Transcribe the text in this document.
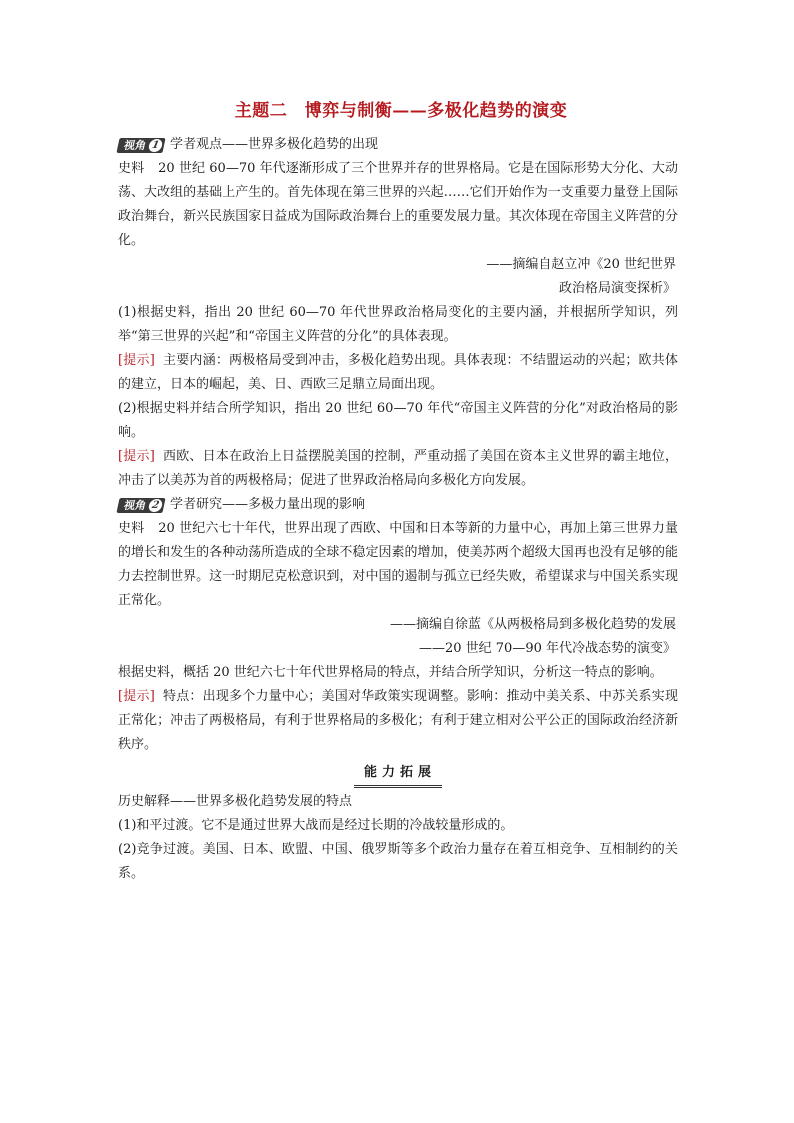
主题二　博弈与制衡——多极化趋势的演变
视角 1 学者观点——世界多极化趋势的出现

史料 20 世纪 60—70 年代逐渐形成了三个世界并存的世界格局。它是在国际形势大分化、大动荡、大改组的基础上产生的。首先体现在第三世界的兴起……它们开始作为一支重要力量登上国际政治舞台，新兴民族国家日益成为国际政治舞台上的重要发展力量。其次体现在帝国主义阵营的分化。

——摘编自赵立冲《20 世纪世界

政治格局演变探析》

(1)根据史料，指出 20 世纪 60—70 年代世界政治格局变化的主要内涵，并根据所学知识，列举“第三世界的兴起”和“帝国主义阵营的分化”的具体表现。

[提示] 主要内涵：两极格局受到冲击，多极化趋势出现。具体表现：不结盟运动的兴起；欧共体的建立，日本的崛起，美、日、西欧三足鼎立局面出现。

(2)根据史料并结合所学知识，指出 20 世纪 60—70 年代“帝国主义阵营的分化”对政治格局的影响。

[提示] 西欧、日本在政治上日益摆脱美国的控制，严重动摇了美国在资本主义世界的霸主地位，冲击了以美苏为首的两极格局；促进了世界政治格局向多极化方向发展。

视角 2 学者研究——多极力量出现的影响

史料 20 世纪六七十年代，世界出现了西欧、中国和日本等新的力量中心，再加上第三世界力量的增长和发生的各种动荡所造成的全球不稳定因素的增加，使美苏两个超级大国再也没有足够的能力去控制世界。这一时期尼克松意识到，对中国的遏制与孤立已经失败，希望谋求与中国关系实现正常化。

——摘编自徐蓝《从两极格局到多极化趋势的发展

——20 世纪 70—90 年代冷战态势的演变》

根据史料，概括 20 世纪六七十年代世界格局的特点，并结合所学知识，分析这一特点的影响。

[提示] 特点：出现多个力量中心；美国对华政策实现调整。影响：推动中美关系、中苏关系实现正常化；冲击了两极格局，有利于世界格局的多极化；有利于建立相对公平公正的国际政治经济新秩序。

能力拓展

历史解释——世界多极化趋势发展的特点

(1)和平过渡。它不是通过世界大战而是经过长期的冷战较量形成的。

(2)竞争过渡。美国、日本、欧盟、中国、俄罗斯等多个政治力量存在着互相竞争、互相制约的关系。
